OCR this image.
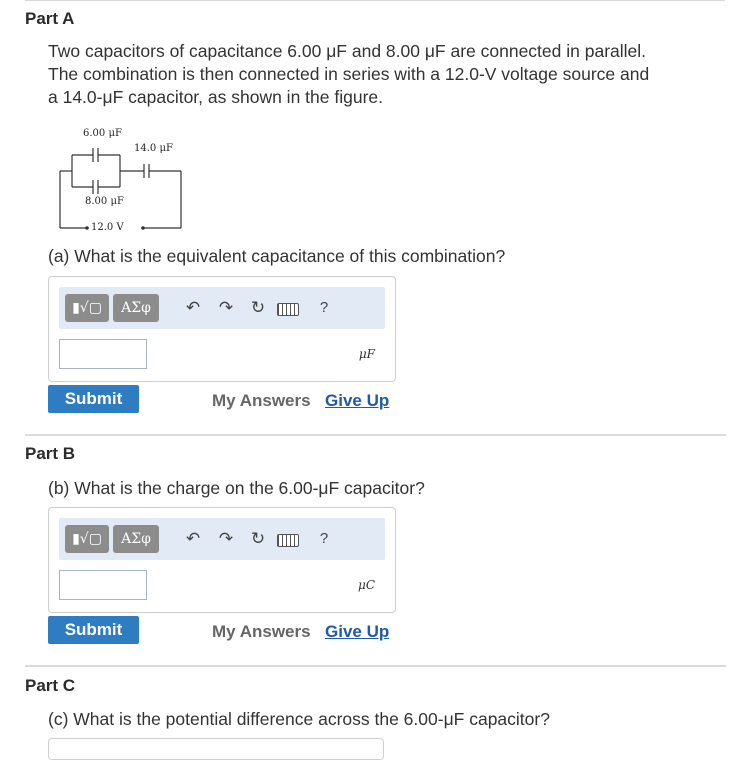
Part A
Two capacitors of capacitance 6.00 μF and 8.00 μF are connected in parallel.
The combination is then connected in series with a 12.0-V voltage source and
a 14.0-μF capacitor, as shown in the figure.
6.00 μF
14.0 μF
8.00 μF
12.0 V
(a) What is the equivalent capacitance of this combination?
▮√▢	ΑΣφ	↶ ↷ ↻	?
μF
Submit	My Answers Give Up
Part B
(b) What is the charge on the 6.00-μF capacitor?
▮√▢	ΑΣφ	↶ ↷ ↻	?
μC
Submit	My Answers Give Up
Part C
(c) What is the potential difference across the 6.00-μF capacitor?
